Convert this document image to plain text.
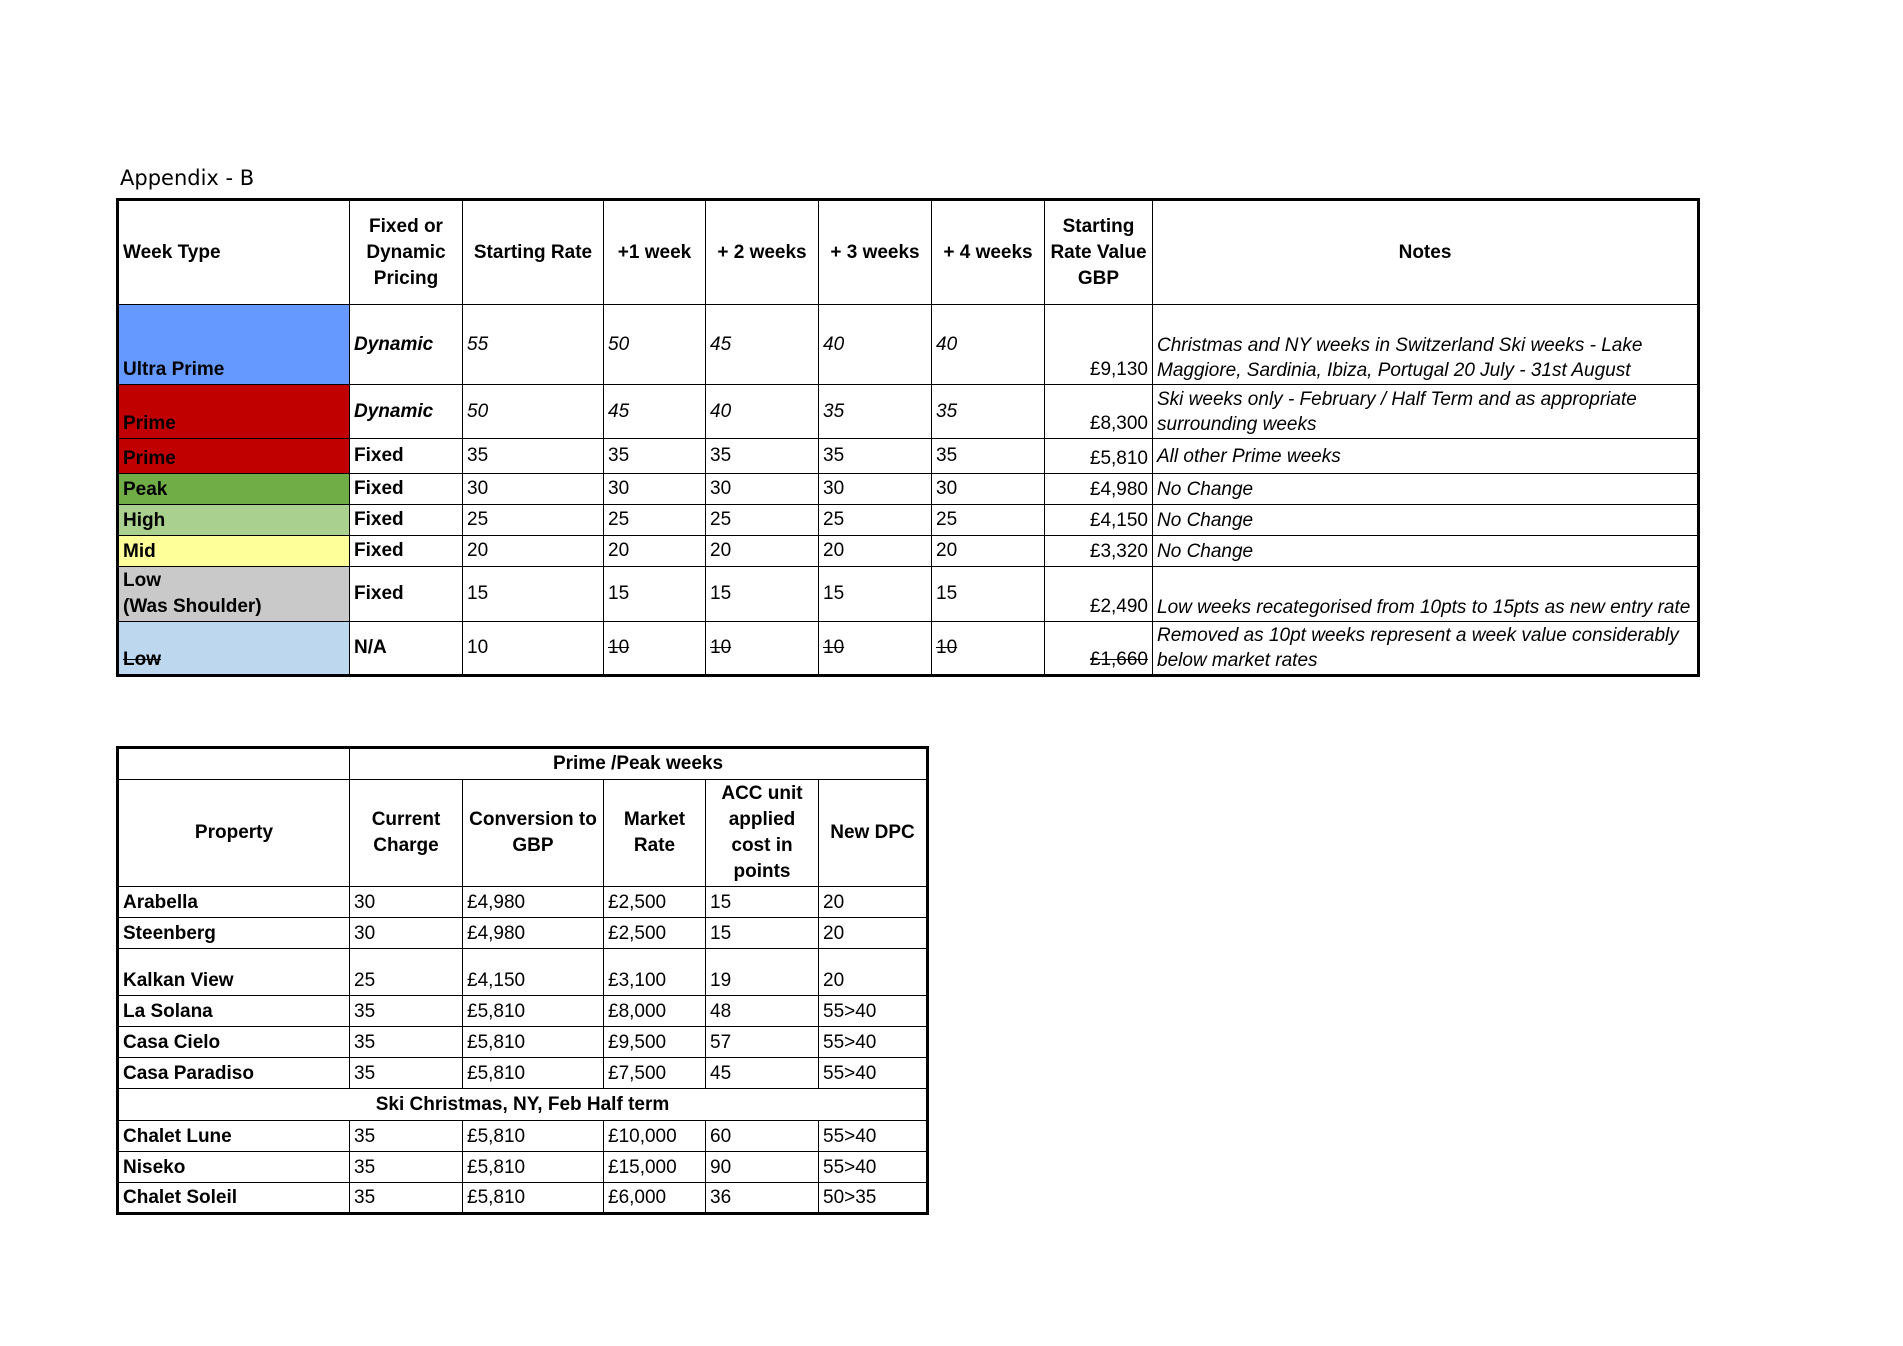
Appendix - B
Week Type	Fixed or Dynamic Pricing	Starting Rate	+1 week	+ 2 weeks	+ 3 weeks	+ 4 weeks	Starting Rate Value GBP	Notes
Ultra Prime	Dynamic	55	50	45	40	40	£9,130	Christmas and NY weeks in Switzerland Ski weeks - Lake Maggiore, Sardinia, Ibiza, Portugal 20 July - 31st August
Prime	Dynamic	50	45	40	35	35	£8,300	Ski weeks only - February / Half Term and as appropriate surrounding weeks
Prime	Fixed	35	35	35	35	35	£5,810	All other Prime weeks
Peak	Fixed	30	30	30	30	30	£4,980	No Change
High	Fixed	25	25	25	25	25	£4,150	No Change
Mid	Fixed	20	20	20	20	20	£3,320	No Change

Low
(Was Shoulder)	Fixed	15	15	15	15	15	£2,490	Low weeks recategorised from 10pts to 15pts as new entry rate
Low	N/A	10	10	10	10	10	£1,660	Removed as 10pt weeks represent a week value considerably below market rates
	Prime /Peak weeks				
Property	Current Charge	Conversion to GBP	Market Rate	ACC unit applied cost in points	New DPC
Arabella	30	£4,980	£2,500	15	20
Steenberg	30	£4,980	£2,500	15	20
Kalkan View	25	£4,150	£3,100	19	20
La Solana	35	£5,810	£8,000	48	55>40
Casa Cielo	35	£5,810	£9,500	57	55>40
Casa Paradiso	35	£5,810	£7,500	45	55>40
Ski Christmas, NY, Feb Half term					
Chalet Lune	35	£5,810	£10,000	60	55>40
Niseko	35	£5,810	£15,000	90	55>40
Chalet Soleil	35	£5,810	£6,000	36	50>35
